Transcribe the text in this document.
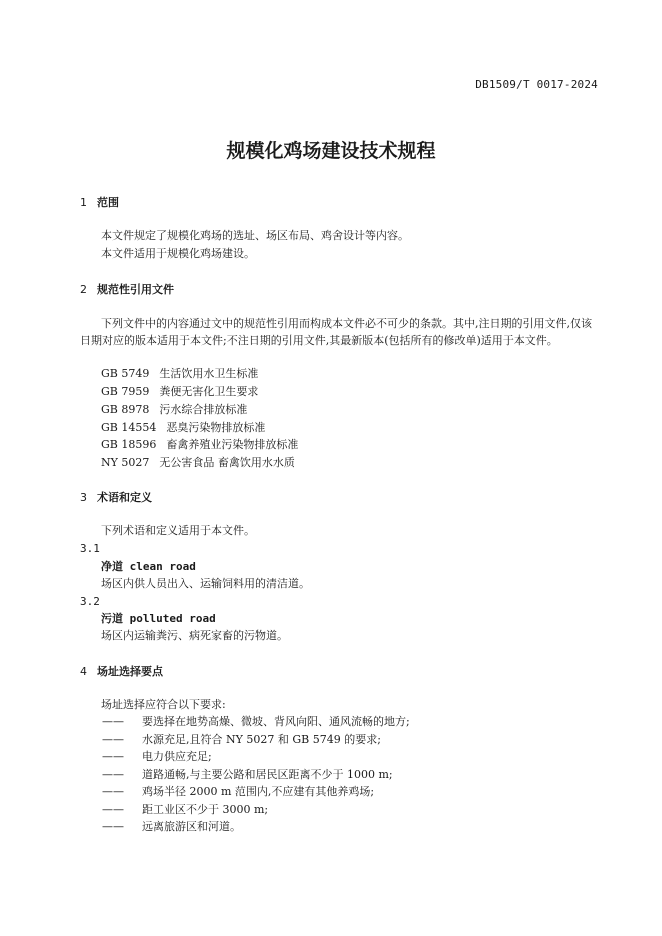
DB1509/T 0017-2024
规模化鸡场建设技术规程
1 范围
本文件规定了规模化鸡场的选址、场区布局、鸡舍设计等内容。
本文件适用于规模化鸡场建设。
2 规范性引用文件
下列文件中的内容通过文中的规范性引用而构成本文件必不可少的条款。其中,注日期的引用文件,仅该日期对应的版本适用于本文件;不注日期的引用文件,其最新版本(包括所有的修改单)适用于本文件。
GB 5749 生活饮用水卫生标准
GB 7959 粪便无害化卫生要求
GB 8978 污水综合排放标准
GB 14554 恶臭污染物排放标准
GB 18596 畜禽养殖业污染物排放标准
NY 5027 无公害食品 畜禽饮用水水质
3 术语和定义
下列术语和定义适用于本文件。
3.1
净道 clean road
场区内供人员出入、运输饲料用的清洁道。
3.2
污道 polluted road
场区内运输粪污、病死家畜的污物道。
4 场址选择要点
场址选择应符合以下要求:
—— 要选择在地势高燥、微坡、背风向阳、通风流畅的地方;
—— 水源充足,且符合 NY 5027 和 GB 5749 的要求;
—— 电力供应充足;
—— 道路通畅,与主要公路和居民区距离不少于 1000 m;
—— 鸡场半径 2000 m 范围内,不应建有其他养鸡场;
—— 距工业区不少于 3000 m;
—— 远离旅游区和河道。
